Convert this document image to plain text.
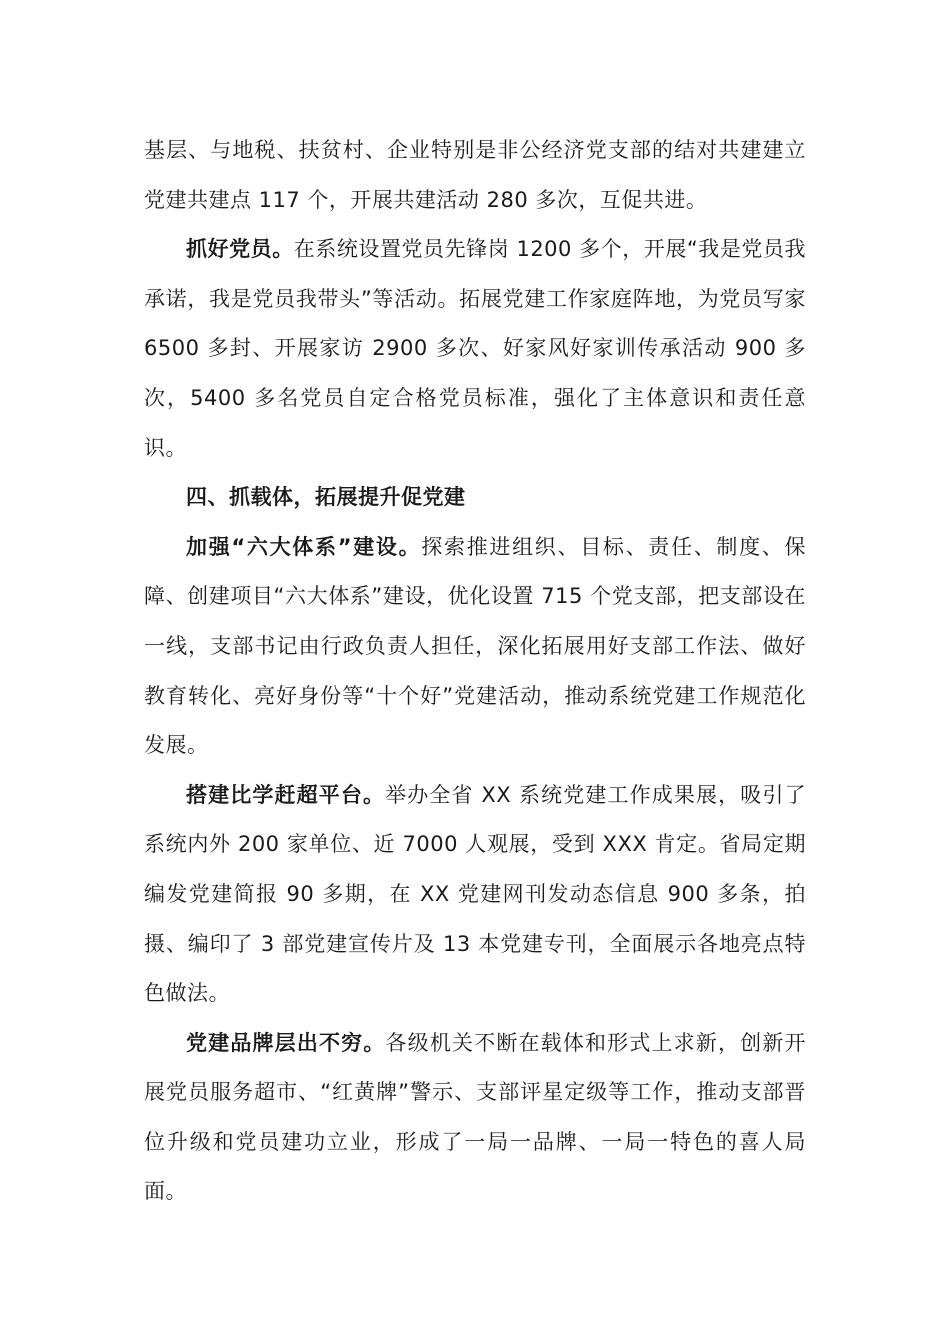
基层、与地税、扶贫村、企业特别是非公经济党支部的结对共建建立党建共建点 117 个，开展共建活动 280 多次，互促共进。

抓好党员。在系统设置党员先锋岗 1200 多个，开展“我是党员我承诺，我是党员我带头”等活动。拓展党建工作家庭阵地，为党员写家 6500 多封、开展家访 2900 多次、好家风好家训传承活动 900 多次，5400 多名党员自定合格党员标准，强化了主体意识和责任意识。

四、抓载体，拓展提升促党建

加强“六大体系”建设。探索推进组织、目标、责任、制度、保障、创建项目“六大体系”建设，优化设置 715 个党支部，把支部设在一线，支部书记由行政负责人担任，深化拓展用好支部工作法、做好教育转化、亮好身份等“十个好”党建活动，推动系统党建工作规范化发展。

搭建比学赶超平台。举办全省 XX 系统党建工作成果展，吸引了系统内外 200 家单位、近 7000 人观展，受到 XXX 肯定。省局定期编发党建简报 90 多期，在 XX 党建网刊发动态信息 900 多条，拍摄、编印了 3 部党建宣传片及 13 本党建专刊，全面展示各地亮点特色做法。

党建品牌层出不穷。各级机关不断在载体和形式上求新，创新开展党员服务超市、“红黄牌”警示、支部评星定级等工作，推动支部晋位升级和党员建功立业，形成了一局一品牌、一局一特色的喜人局面。
